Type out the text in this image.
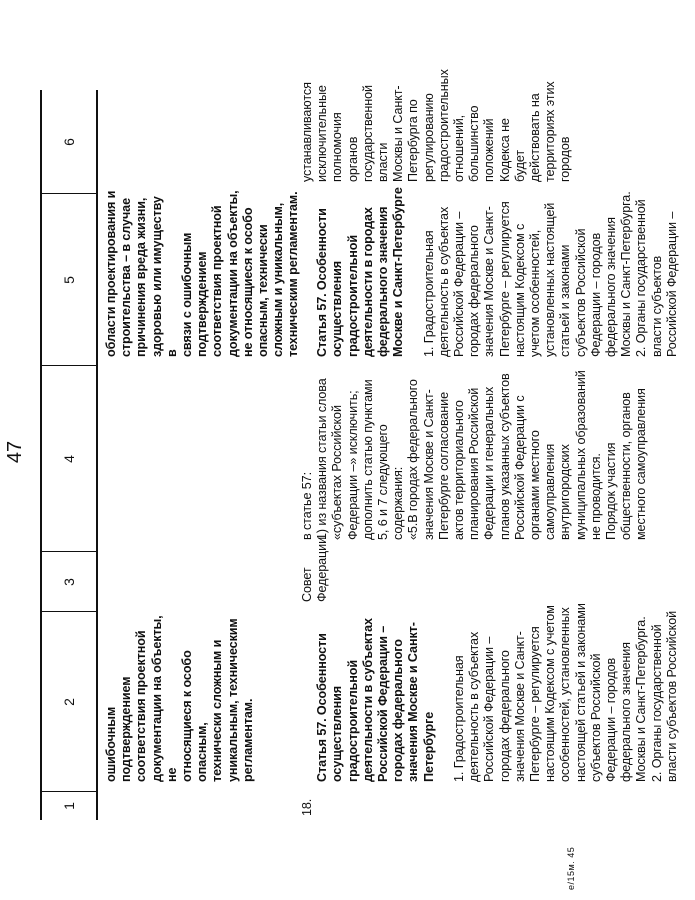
47
1
2
3
4
5
6
ошибочным подтверждением
соответствия проектной
документации на объекты, не
относящиеся к особо опасным,
технически сложным и
уникальным, техническим
регламентам.
области проектирования и
строительства – в случае
причинения вреда жизни,
здоровью или имуществу в
связи с ошибочным
подтверждением
соответствия проектной
документации на объекты,
не относящиеся к особо
опасным, технически
сложным и уникальным,
техническим регламентам.
18.

Статья 57. Особенности
осуществления
градостроительной
деятельности в субъектах
Российской Федерации –
городах федерального
значения Москве и Санкт-
Петербурге 1. Градостроительная
деятельность в субъектах
Российской Федерации –
городах федерального
значения Москве и Санкт-
Петербурге – регулируется
настоящим Кодексом с учетом
особенностей, установленных
настоящей статьей и законами
субъектов Российской
Федерации – городов
федерального значения
Москвы и Санкт-Петербурга.
2. Органы государственной
власти субъектов Российской

Совет
Федерации
в статье 57:
1) из названия статьи слова
«субъектах Российской
Федерации –» исключить;
дополнить статью пунктами
5, 6 и 7 следующего
содержания:
«5.В городах федерального
значения Москве и Санкт-
Петербурге согласование
актов территориального
планирования Российской
Федерации и генеральных
планов указанных субъектов
Российской Федерации с
органами местного
самоуправления
внутригородских
муниципальных образований
не проводится.
Порядок участия
общественности, органов
местного самоуправления

Статья 57. Особенности
осуществления
градостроительной
деятельности в городах
федерального значения
Москве и Санкт-Петербурге

1. Градостроительная
деятельность в субъектах
Российской Федерации –
городах федерального
значения Москве и Санкт-
Петербурге – регулируется
настоящим Кодексом с
учетом особенностей,
установленных настоящей
статьей и законами
субъектов Российской
Федерации – городов
федерального значения
Москвы и Санкт-Петербурга.
2. Органы государственной
власти субъектов
Российской Федерации –

устанавливаются
исключительные
полномочия органов
государственной власти
Москвы и Санкт-
Петербурга по
регулированию
градостроительных
отношений, большинство
положений Кодекса не
будет действовать на
территориях этих
городов
e/15м. 45
